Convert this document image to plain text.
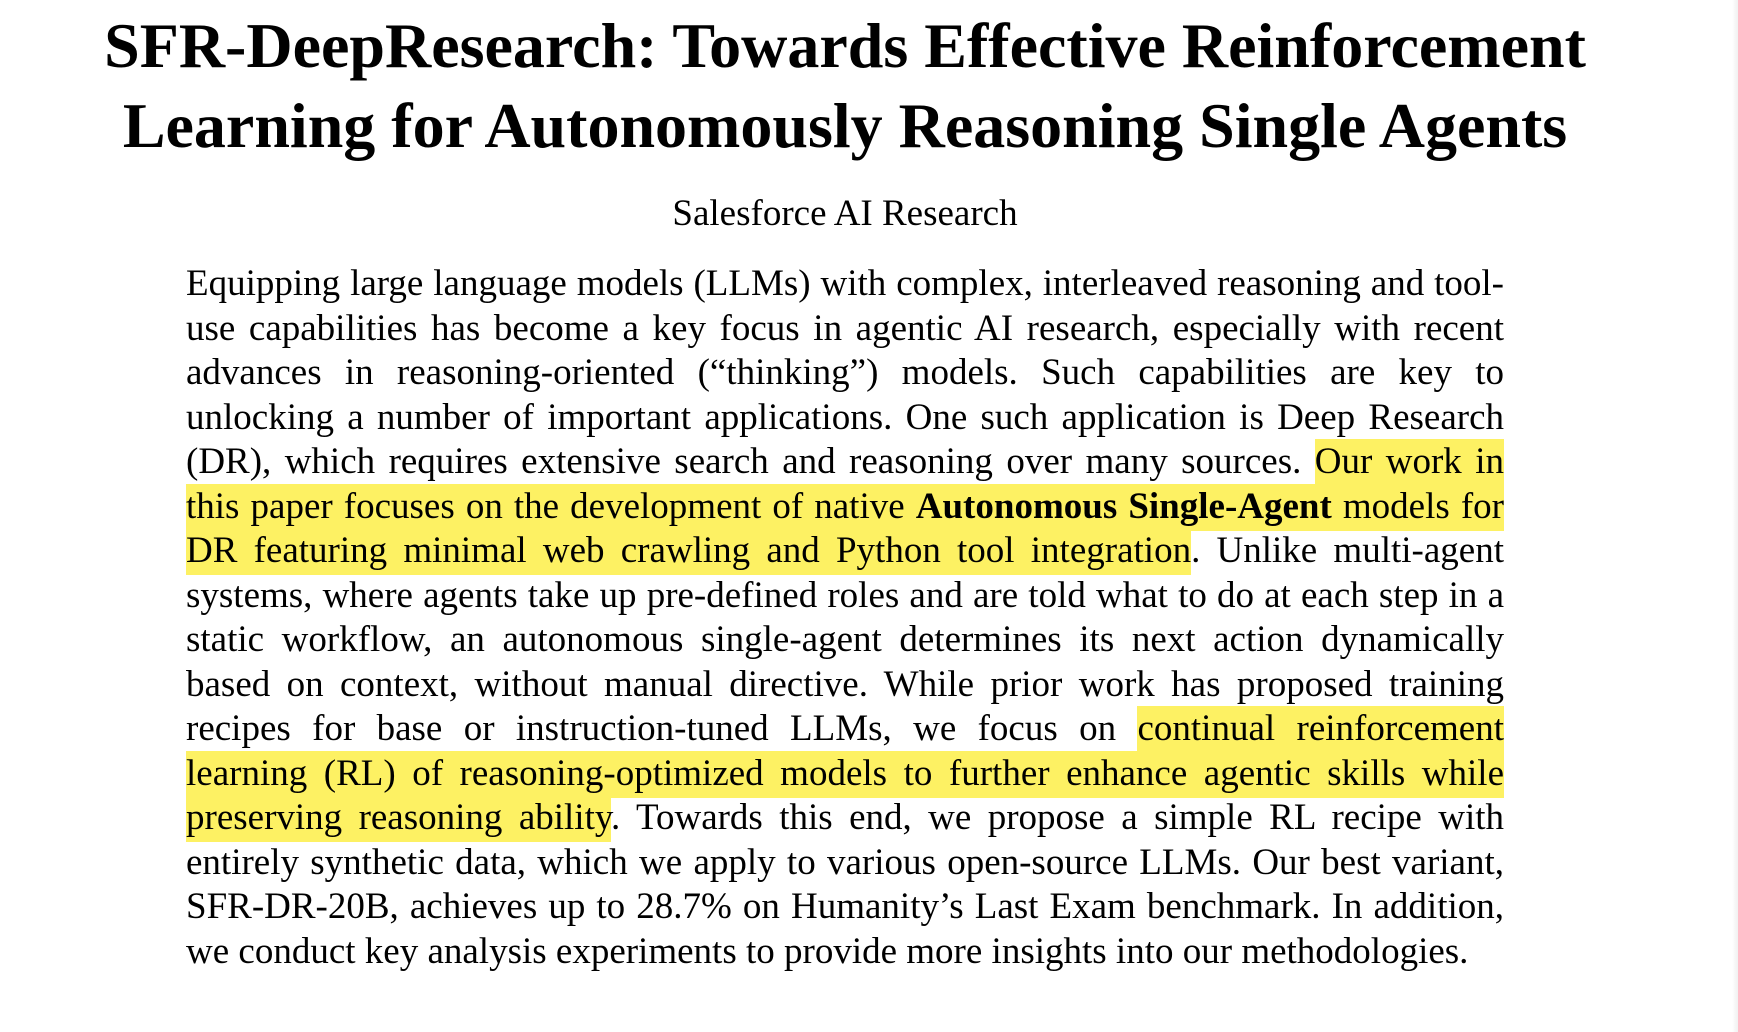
SFR-DeepResearch: Towards Effective Reinforcement
Learning for Autonomously Reasoning Single Agents
Salesforce AI Research

Equipping large language models (LLMs) with complex, interleaved reasoning and tool-use capabilities has become a key focus in agentic AI research, especially with recent advances in reasoning-oriented (“thinking”) models. Such capabilities are key to unlocking a number of important applications. One such application is Deep Research (DR), which requires extensive search and reasoning over many sources. Our work in this paper focuses on the development of native Autonomous Single-Agent models for DR featuring minimal web crawling and Python tool integration. Unlike multi-agent systems, where agents take up pre-defined roles and are told what to do at each step in a static workflow, an autonomous single-agent determines its next action dynamically based on context, without manual directive. While prior work has proposed training recipes for base or instruction-tuned LLMs, we focus on continual reinforcement learning (RL) of reasoning-optimized models to further enhance agentic skills while preserving reasoning ability. Towards this end, we propose a simple RL recipe with entirely synthetic data, which we apply to various open-source LLMs. Our best variant, SFR-DR-20B, achieves up to 28.7% on Humanity’s Last Exam benchmark. In addition, we conduct key analysis experiments to provide more insights into our methodologies.
